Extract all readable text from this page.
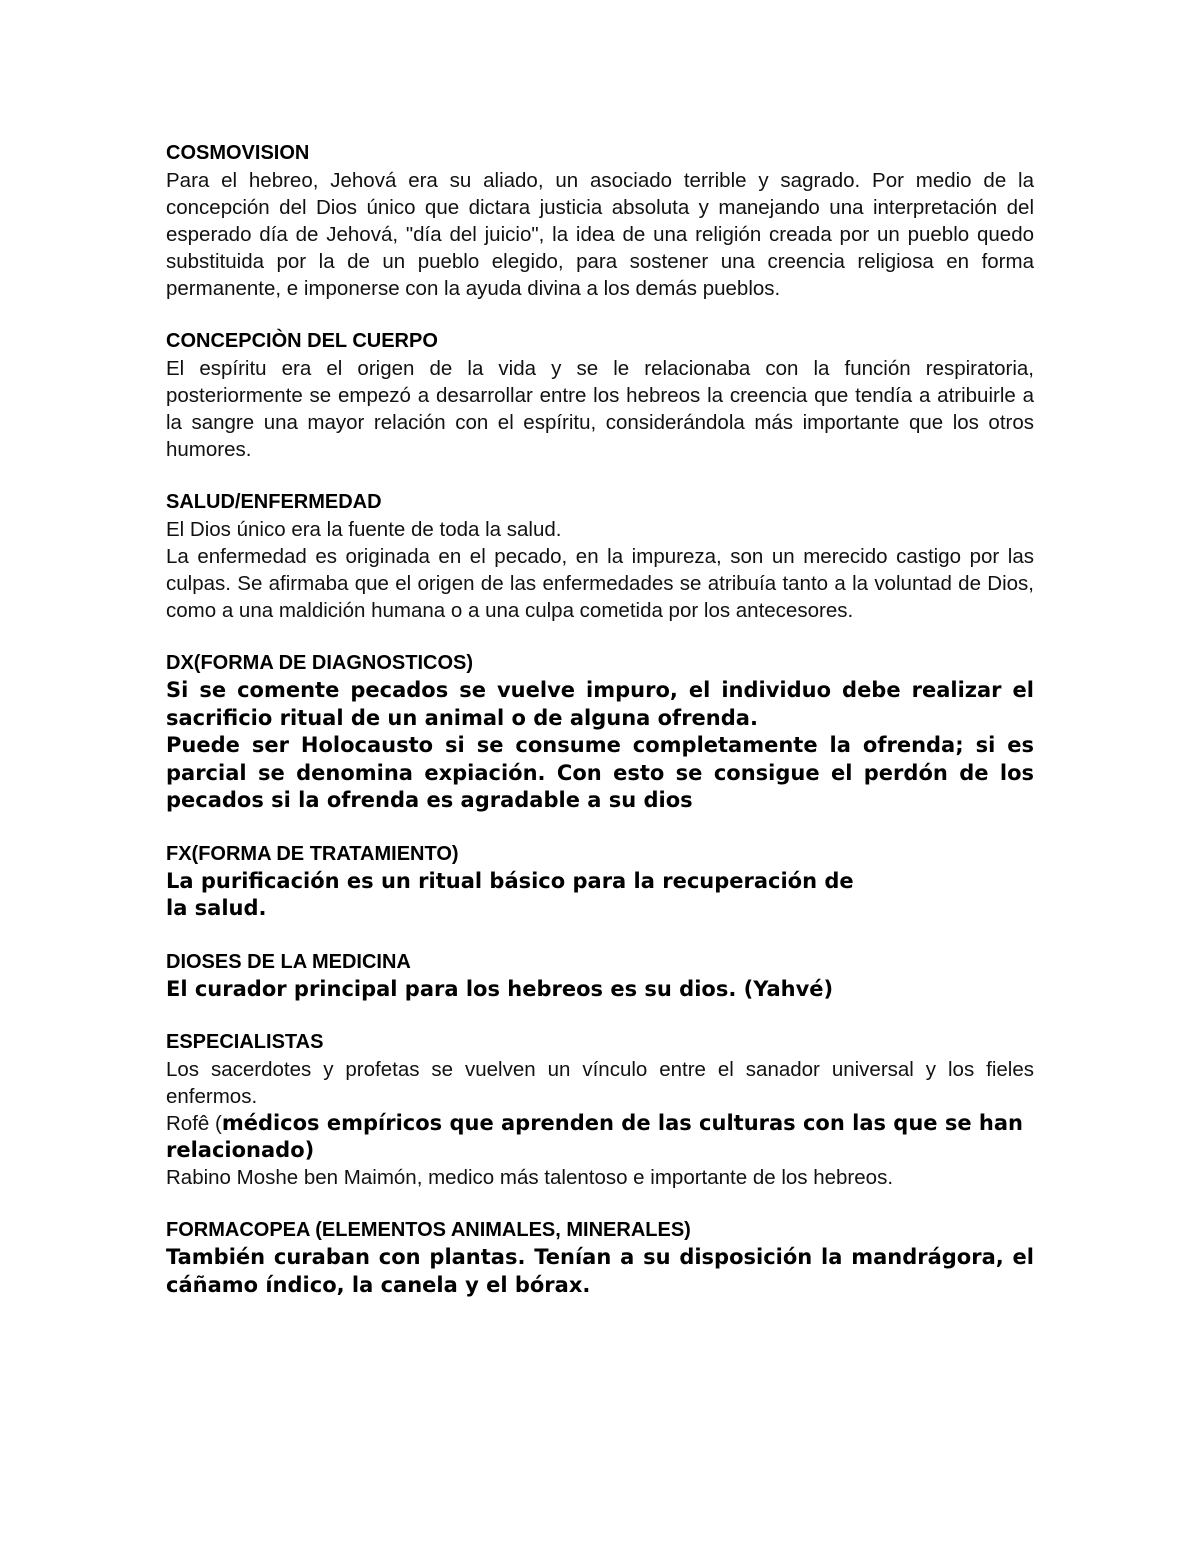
COSMOVISION

Para el hebreo, Jehová era su aliado, un asociado terrible y sagrado. Por medio de la concepción del Dios único que dictara justicia absoluta y manejando una interpretación del esperado día de Jehová, "día del juicio", la idea de una religión creada por un pueblo quedo substituida por la de un pueblo elegido, para sostener una creencia religiosa en forma permanente, e imponerse con la ayuda divina a los demás pueblos.

CONCEPCIÒN DEL CUERPO

El espíritu era el origen de la vida y se le relacionaba con la función respiratoria, posteriormente se empezó a desarrollar entre los hebreos la creencia que tendía a atribuirle a la sangre una mayor relación con el espíritu, considerándola más importante que los otros humores.

SALUD/ENFERMEDAD

El Dios único era la fuente de toda la salud.

La enfermedad es originada en el pecado, en la impureza, son un merecido castigo por las culpas. Se afirmaba que el origen de las enfermedades se atribuía tanto a la voluntad de Dios, como a una maldición humana o a una culpa cometida por los antecesores.

DX(FORMA DE DIAGNOSTICOS)

Si se comente pecados se vuelve impuro, el individuo debe realizar el sacrificio ritual de un animal o de alguna ofrenda.

Puede ser Holocausto si se consume completamente la ofrenda; si es parcial se denomina expiación. Con esto se consigue el perdón de los pecados si la ofrenda es agradable a su dios

FX(FORMA DE TRATAMIENTO)

La purificación es un ritual básico para la recuperación de
la salud.

DIOSES DE LA MEDICINA

El curador principal para los hebreos es su dios. (Yahvé)

ESPECIALISTAS

Los sacerdotes y profetas se vuelven un vínculo entre el sanador universal y los fieles enfermos.

Rofê (médicos empíricos que aprenden de las culturas con las que se han relacionado)

Rabino Moshe ben Maimón, medico más talentoso e importante de los hebreos.

FORMACOPEA (ELEMENTOS ANIMALES, MINERALES)

También curaban con plantas. Tenían a su disposición la mandrágora, el cáñamo índico, la canela y el bórax.
